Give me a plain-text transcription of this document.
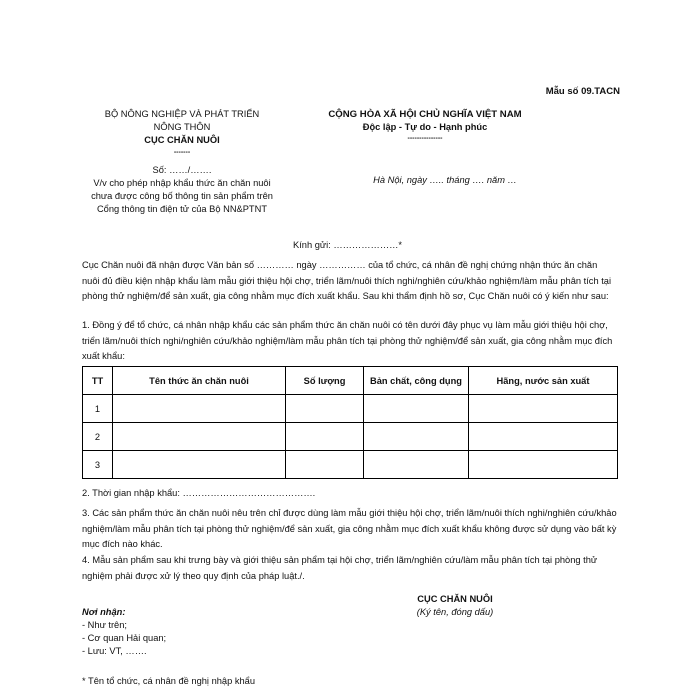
Mẫu số 09.TACN
BỘ NÔNG NGHIỆP VÀ PHÁT TRIỂN NÔNG THÔN
CỤC CHĂN NUÔI
-------
Số: ……/…….
V/v cho phép nhập khẩu thức ăn chăn nuôi chưa được công bố thông tin sản phẩm trên Cổng thông tin điện tử của Bộ NN&PTNT
CỘNG HÒA XÃ HỘI CHỦ NGHĨA VIỆT NAM
Độc lập - Tự do - Hạnh phúc
---------------
Hà Nội, ngày ….. tháng …. năm …
Kính gửi: …………………*
Cục Chăn nuôi đã nhận được Văn bản số ………… ngày …………… của tổ chức, cá nhân đề nghị chứng nhận thức ăn chăn nuôi đủ điều kiện nhập khẩu làm mẫu giới thiệu hội chợ, triển lãm/nuôi thích nghi/nghiên cứu/khảo nghiệm/làm mẫu phân tích tại phòng thử nghiệm/để sản xuất, gia công nhằm mục đích xuất khẩu. Sau khi thẩm định hồ sơ, Cục Chăn nuôi có ý kiến như sau:
1. Đồng ý để tổ chức, cá nhân nhập khẩu các sản phẩm thức ăn chăn nuôi có tên dưới đây phục vụ làm mẫu giới thiệu hội chợ, triển lãm/nuôi thích nghi/nghiên cứu/khảo nghiệm/làm mẫu phân tích tại phòng thử nghiệm/để sản xuất, gia công nhằm mục đích xuất khẩu:
TT	Tên thức ăn chăn nuôi	Số lượng	Bản chất, công dụng	Hãng, nước sản xuất
1				
2				
3				
2. Thời gian nhập khẩu: …………………………………….
3. Các sản phẩm thức ăn chăn nuôi nêu trên chỉ được dùng làm mẫu giới thiệu hội chợ, triển lãm/nuôi thích nghi/nghiên cứu/khảo nghiệm/làm mẫu phân tích tại phòng thử nghiệm/để sản xuất, gia công nhằm mục đích xuất khẩu không được sử dụng vào bất kỳ mục đích nào khác.
4. Mẫu sản phẩm sau khi trưng bày và giới thiệu sản phẩm tại hội chợ, triển lãm/nghiên cứu/làm mẫu phân tích tại phòng thử nghiệm phải được xử lý theo quy định của pháp luật./.
CỤC CHĂN NUÔI
(Ký tên, đóng dấu)
Nơi nhận:
- Như trên;
- Cơ quan Hải quan;
- Lưu: VT, …….
* Tên tổ chức, cá nhân đề nghị nhập khẩu
